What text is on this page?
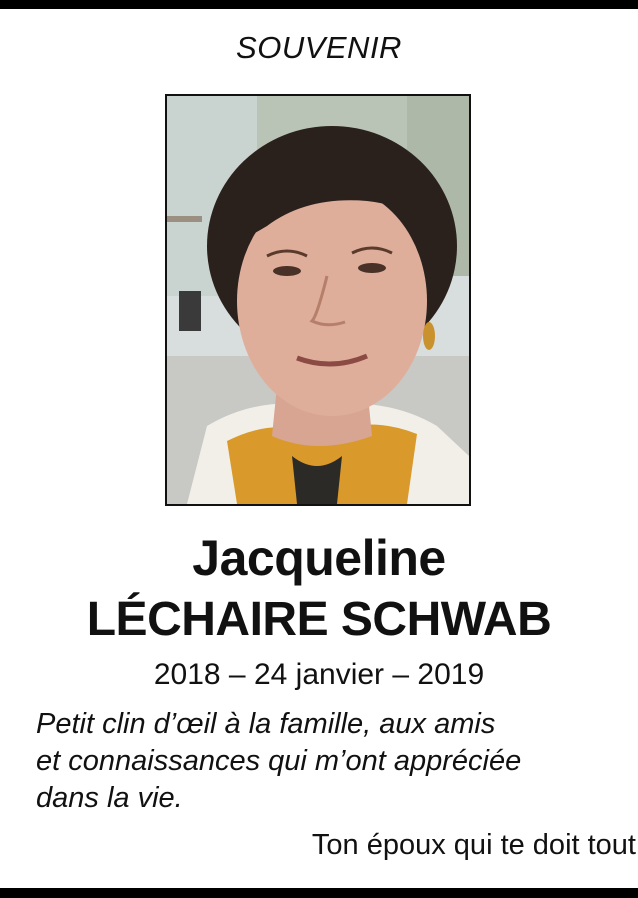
SOUVENIR
Jacqueline
LÉCHAIRE SCHWAB
2018 – 24 janvier – 2019
Petit clin d’œil à la famille, aux amis
et connaissances qui m’ont appréciée
dans la vie.
Ton époux qui te doit tout
